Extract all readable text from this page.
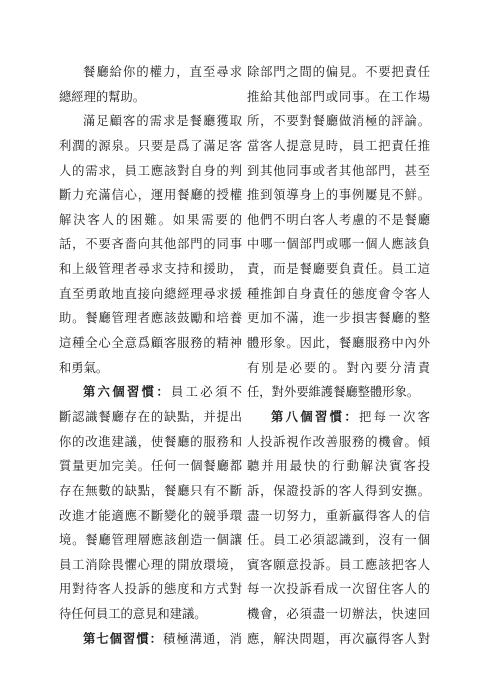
餐廳給你的權力，直至尋求
總經理的幫助。
滿足顧客的需求是餐廳獲取
利潤的源泉。只要是爲了滿足客
人的需求，員工應該對自身的判
斷力充滿信心，運用餐廳的授權
解決客人的困難。如果需要的
話，不要吝嗇向其他部門的同事
和上級管理者尋求支持和援助，
直至勇敢地直接向總經理尋求援
助。餐廳管理者應該鼓勵和培養
這種全心全意爲顧客服務的精神
和勇氣。
第六個習慣：員工必須不
斷認識餐廳存在的缺點，并提出
你的改進建議，使餐廳的服務和
質量更加完美。任何一個餐廳都
存在無數的缺點，餐廳只有不斷
改進才能適應不斷變化的競爭環
境。餐廳管理層應該創造一個讓
員工消除畏懼心理的開放環境，
用對待客人投訴的態度和方式對
待任何員工的意見和建議。
第七個習慣：積極溝通，消
除部門之間的偏見。不要把責任
推給其他部門或同事。在工作場
所，不要對餐廳做消極的評論。
當客人提意見時，員工把責任推
到其他同事或者其他部門，甚至
推到領導身上的事例屢見不鮮。
他們不明白客人考慮的不是餐廳
中哪一個部門或哪一個人應該負
責，而是餐廳要負責任。員工這
種推卸自身責任的態度會令客人
更加不滿，進一步損害餐廳的整
體形象。因此，餐廳服務中內外
有別是必要的。對內要分清責
任，對外要維護餐廳整體形象。
第八個習慣：把每一次客
人投訴視作改善服務的機會。傾
聽并用最快的行動解決賓客投
訴，保證投訴的客人得到安撫。
盡一切努力，重新贏得客人的信
任。員工必須認識到，沒有一個
賓客願意投訴。員工應該把客人
每一次投訴看成一次留住客人的
機會，必須盡一切辦法，快速回
應，解決問題，再次贏得客人對
